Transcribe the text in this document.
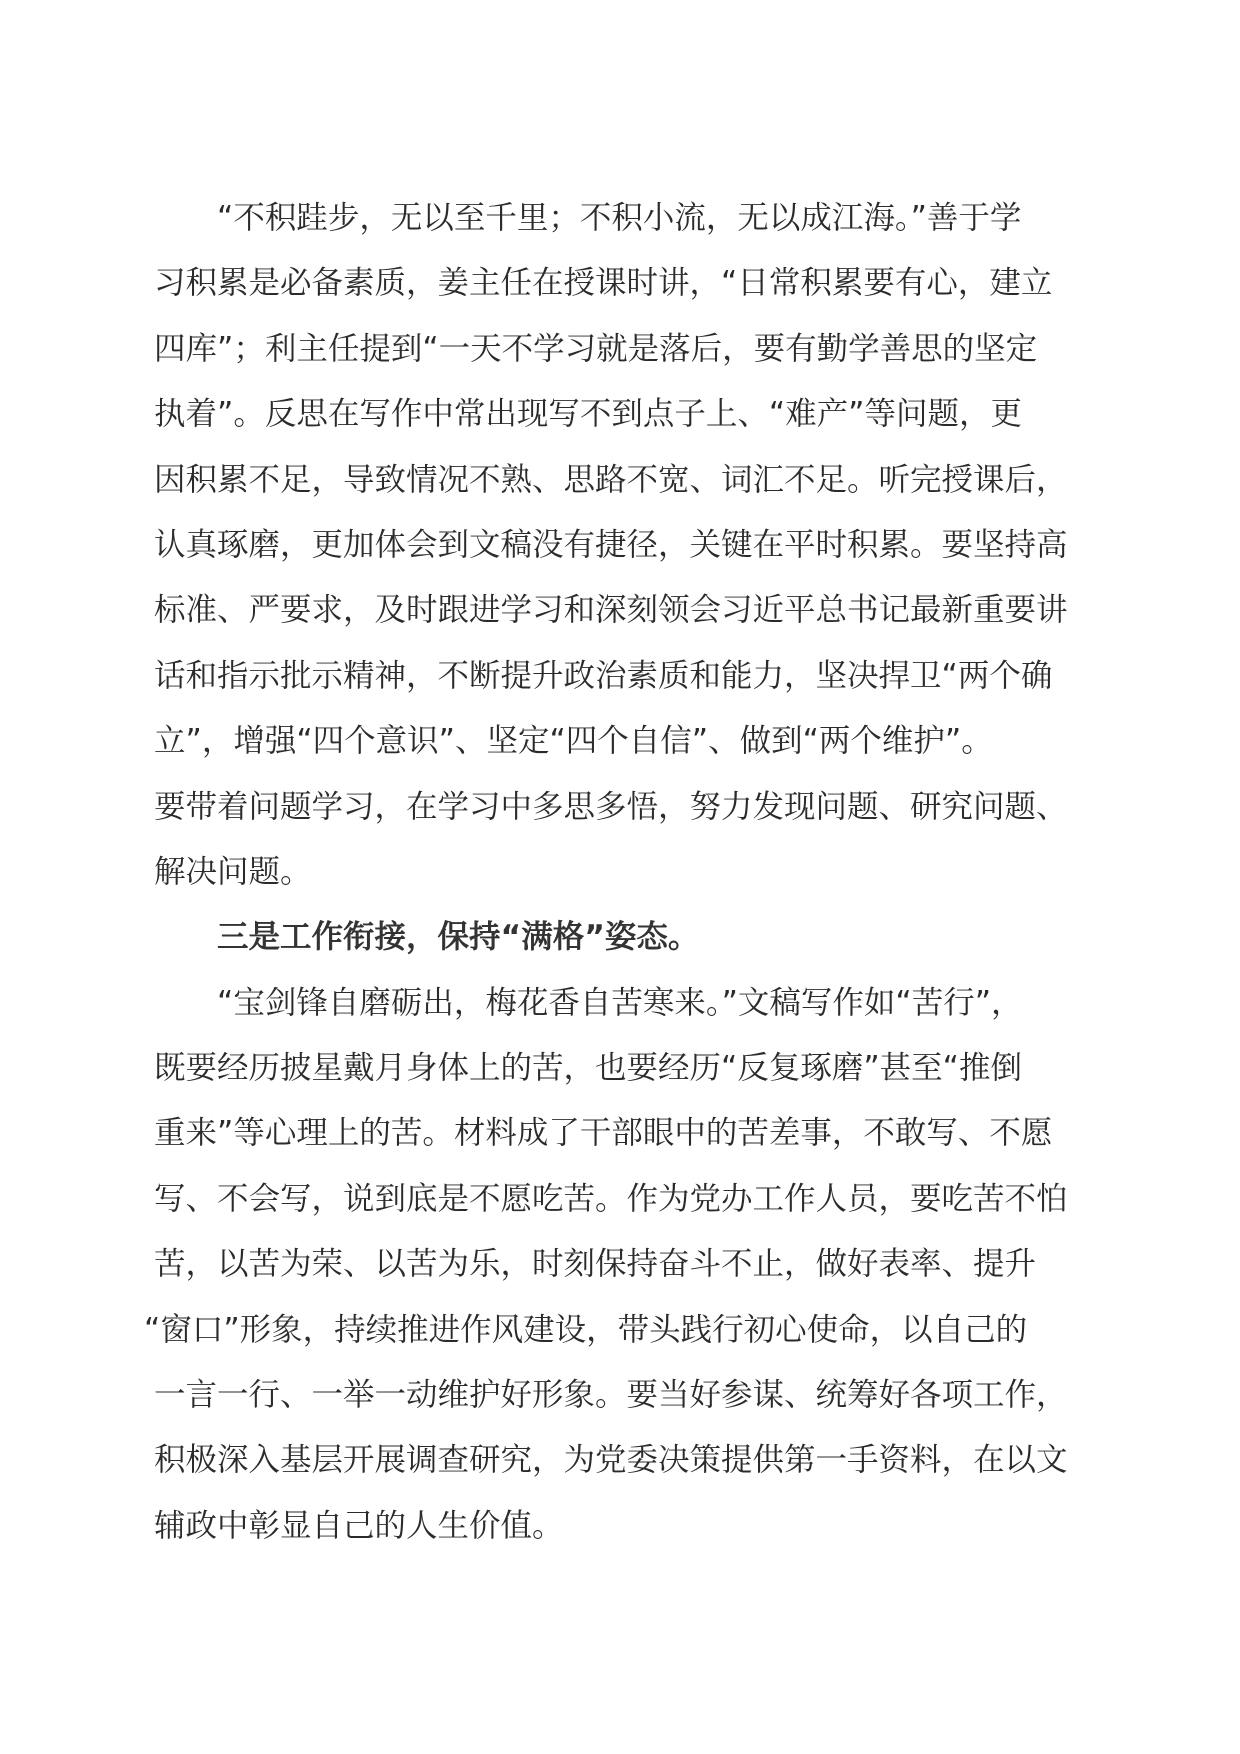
“不积跬步，无以至千里；不积小流，无以成江海。”善于学
习积累是必备素质，姜主任在授课时讲，“日常积累要有心，建立
四库”；利主任提到“一天不学习就是落后，要有勤学善思的坚定
执着”。反思在写作中常出现写不到点子上、“难产”等问题，更
因积累不足，导致情况不熟、思路不宽、词汇不足。听完授课后，
认真琢磨，更加体会到文稿没有捷径，关键在平时积累。要坚持高
标准、严要求，及时跟进学习和深刻领会习近平总书记最新重要讲
话和指示批示精神，不断提升政治素质和能力，坚决捍卫“两个确
立”，增强“四个意识”、坚定“四个自信”、做到“两个维护”。
要带着问题学习，在学习中多思多悟，努力发现问题、研究问题、
解决问题。
三是工作衔接，保持“满格”姿态。
“宝剑锋自磨砺出，梅花香自苦寒来。”文稿写作如“苦行”，
既要经历披星戴月身体上的苦，也要经历“反复琢磨”甚至“推倒
重来”等心理上的苦。材料成了干部眼中的苦差事，不敢写、不愿
写、不会写，说到底是不愿吃苦。作为党办工作人员，要吃苦不怕
苦，以苦为荣、以苦为乐，时刻保持奋斗不止，做好表率、提升
“窗口”形象，持续推进作风建设，带头践行初心使命，以自己的
一言一行、一举一动维护好形象。要当好参谋、统筹好各项工作，
积极深入基层开展调查研究，为党委决策提供第一手资料，在以文
辅政中彰显自己的人生价值。
